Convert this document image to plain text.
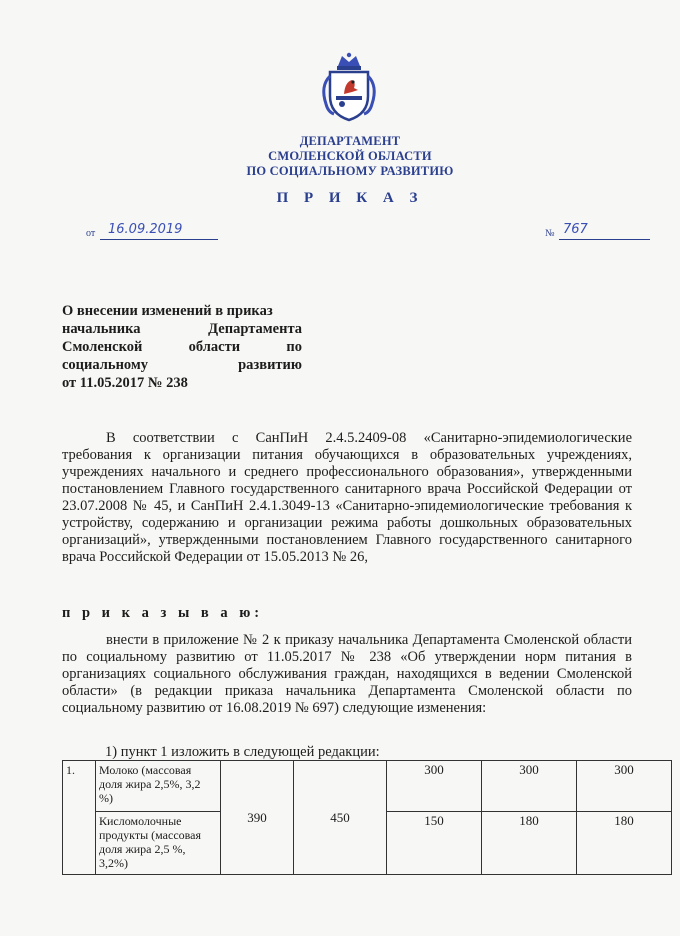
ДЕПАРТАМЕНТ
СМОЛЕНСКОЙ ОБЛАСТИ
ПО СОЦИАЛЬНОМУ РАЗВИТИЮ
П Р И К А З
от 16.09.2019	№ 767
О внесении изменений в приказ
начальника	Департамента
Смоленской	области	по
социальному	развитию
от 11.05.2017 № 238
В соответствии с СанПиН 2.4.5.2409-08 «Санитарно-эпидемиологические требования к организации питания обучающихся в образовательных учреждениях, учреждениях начального и среднего профессионального образования», утвержденными постановлением Главного государственного санитарного врача Российской Федерации от 23.07.2008 № 45, и СанПиН 2.4.1.3049-13 «Санитарно-эпидемиологические требования к устройству, содержанию и организации режима работы дошкольных образовательных организаций», утвержденными постановлением Главного государственного санитарного врача Российской Федерации от 15.05.2013 № 26,
п р и к а з ы в а ю:
внести в приложение № 2 к приказу начальника Департамента Смоленской области по социальному развитию от 11.05.2017 № 238 «Об утверждении норм питания в организациях социального обслуживания граждан, находящихся в ведении Смоленской области» (в редакции приказа начальника Департамента Смоленской области по социальному развитию от 16.08.2019 № 697) следующие изменения:
1) пункт 1 изложить в следующей редакции:
1.	Молоко (массовая доля жира 2,5%, 3,2 %)	390	450	300	300	300
	Кисломолочные продукты (массовая доля жира 2,5 %, 3,2%)			150	180	180
